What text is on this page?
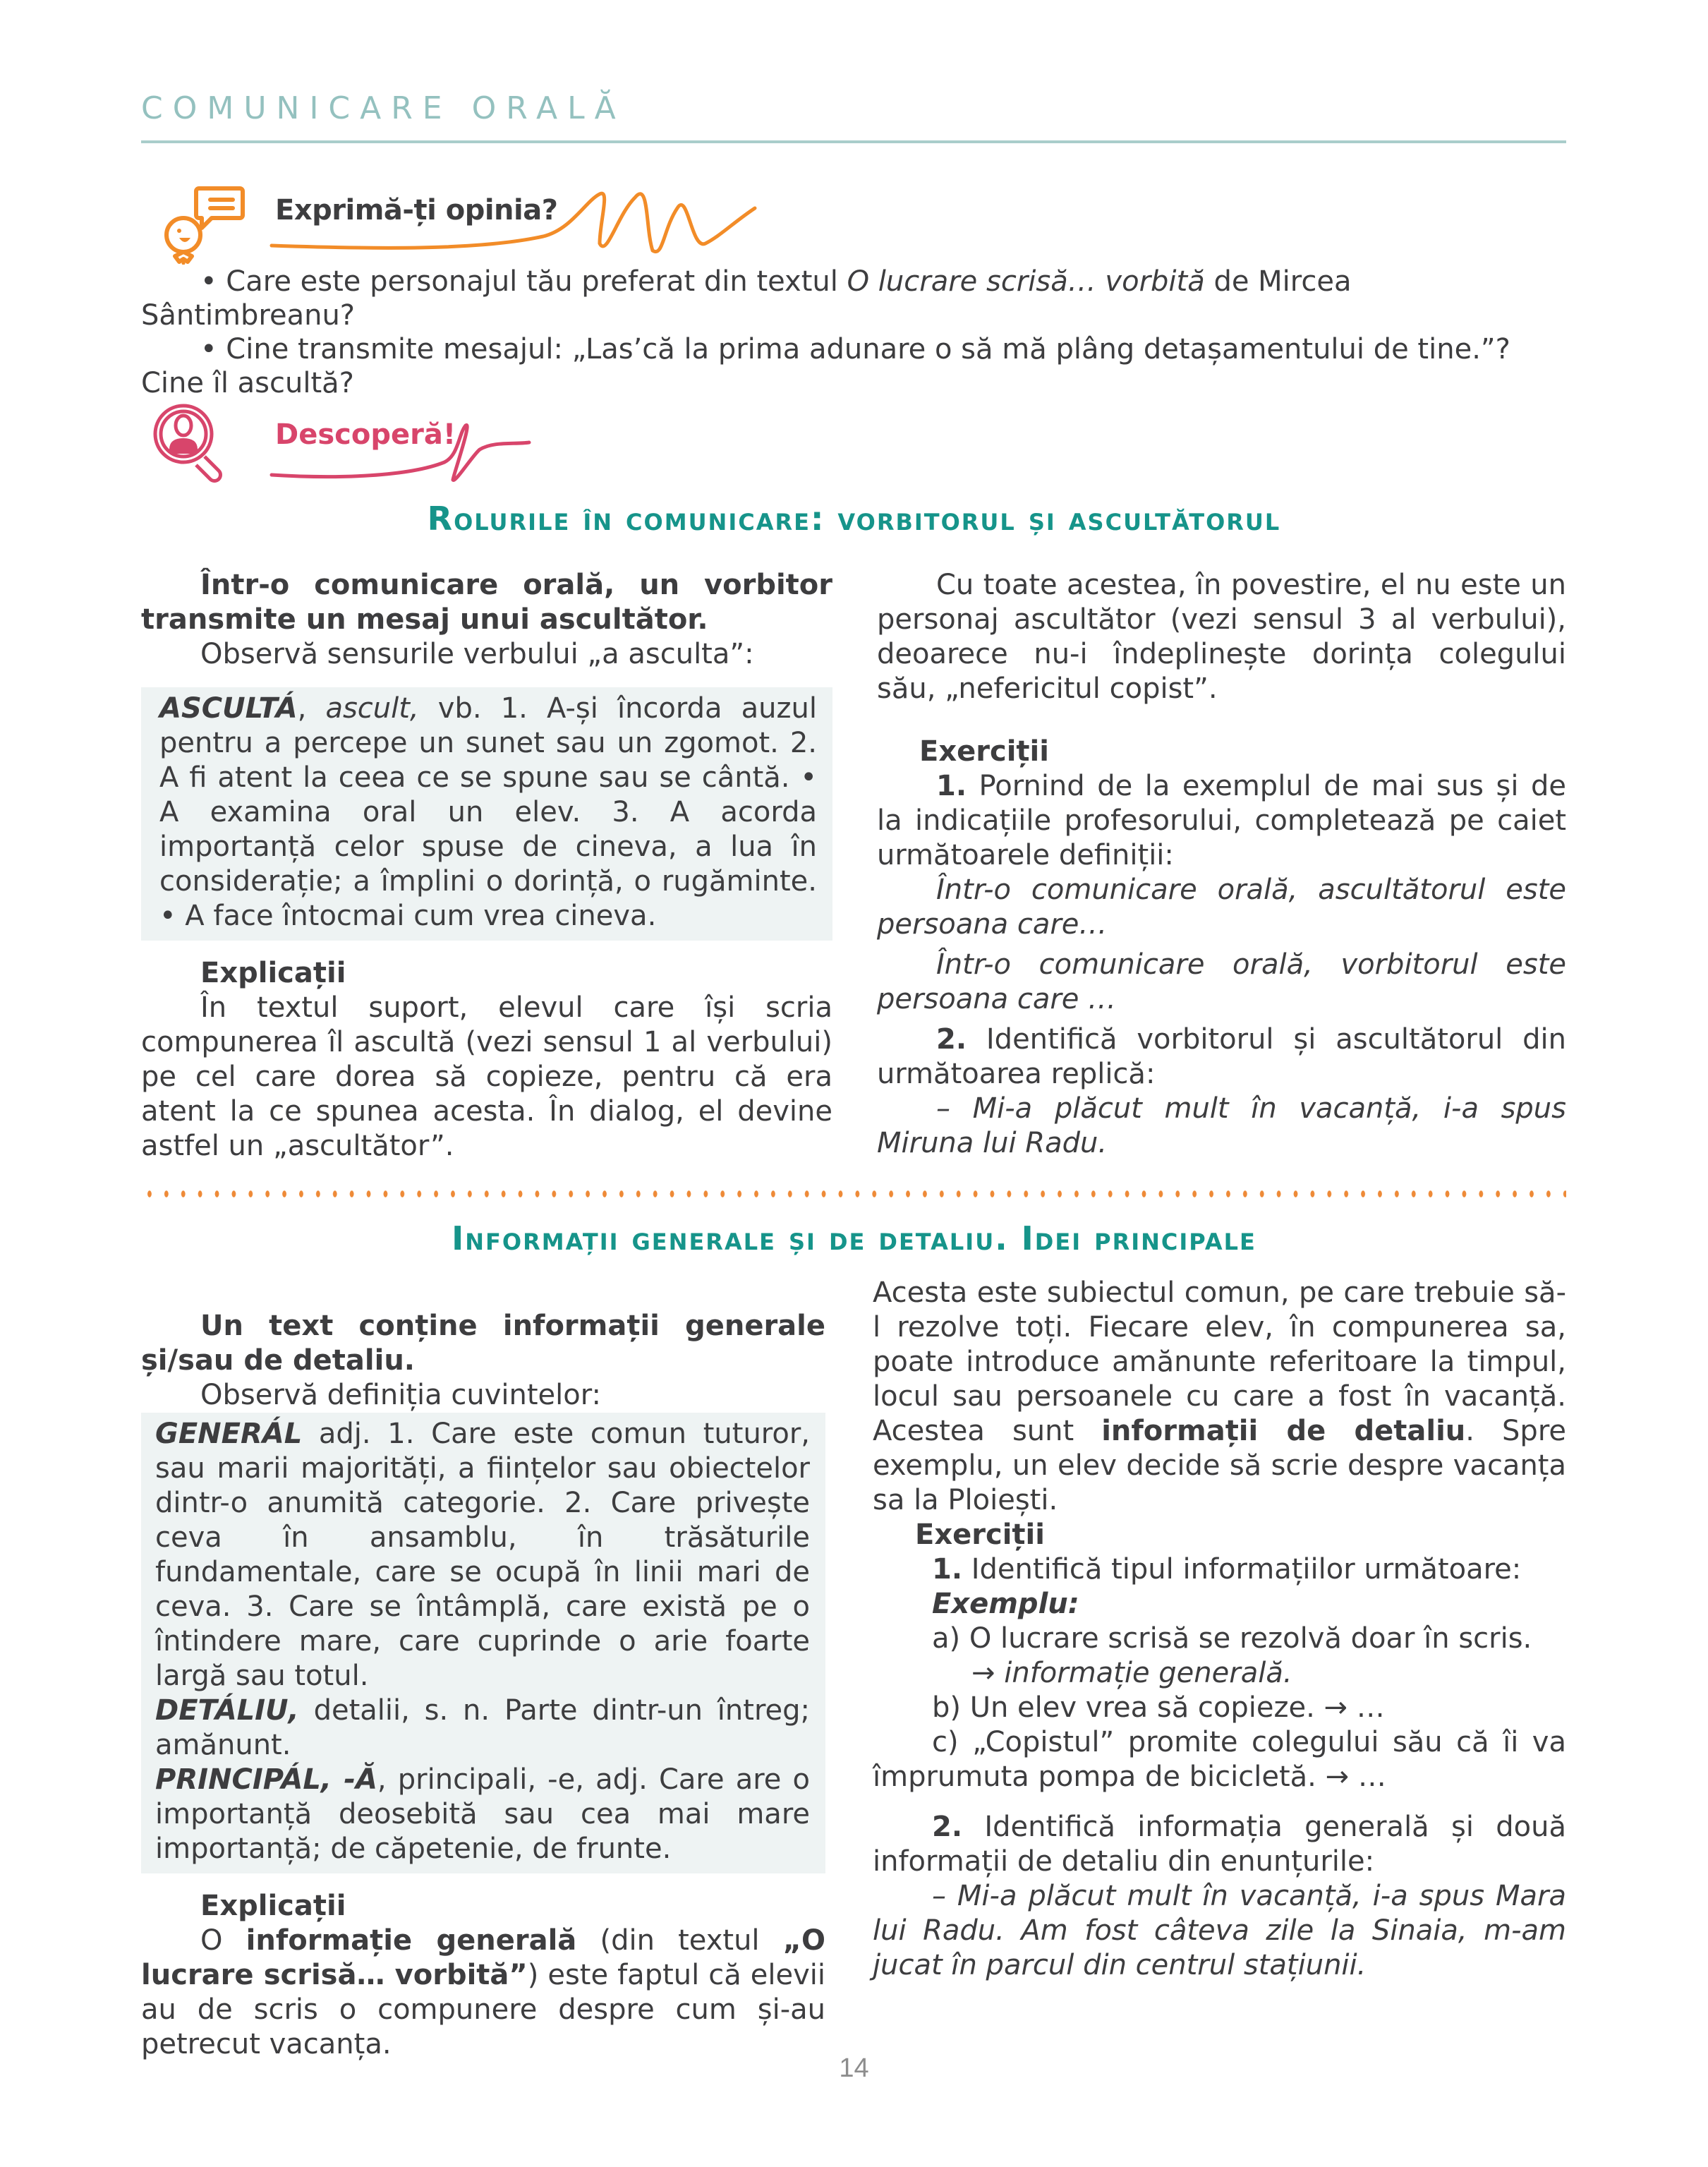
COMUNICARE ORALĂ
Exprimă-ți opinia?

• Care este personajul tău preferat din textul O lucrare scrisă… vorbită de Mircea Sântimbreanu?

• Cine transmite mesajul: „Las’că la prima adunare o să mă plâng detașamentului de tine.”? Cine îl ascultă?

Descoperă!
Rolurile în comunicare: vorbitorul și ascultătorul

Într-o comunicare orală, un vorbitor transmite un mesaj unui ascultător.

Observă sensurile verbului „a asculta”:

ASCULTÁ, ascult, vb. 1. A-și încorda auzul pentru a percepe un sunet sau un zgomot. 2. A fi atent la ceea ce se spune sau se cântă. • A examina oral un elev. 3. A acorda importanță celor spuse de cineva, a lua în considerație; a împlini o dorință, o rugăminte. • A face întocmai cum vrea cineva.

Explicații

În textul suport, elevul care își scria compunerea îl ascultă (vezi sensul 1 al verbului) pe cel care dorea să copieze, pentru că era atent la ce spunea acesta. În dialog, el devine astfel un „ascultător”.

Cu toate acestea, în povestire, el nu este un personaj ascultător (vezi sensul 3 al verbului), deoarece nu-i îndeplinește dorința colegului său, „nefericitul copist”.

Exerciții

1. Pornind de la exemplul de mai sus și de la indicațiile profesorului, completează pe caiet următoarele definiții:

Într-o comunicare orală, ascultătorul este persoana care…

Într-o comunicare orală, vorbitorul este persoana care …

2. Identifică vorbitorul și ascultătorul din următoarea replică:

– Mi-a plăcut mult în vacanță, i-a spus Miruna lui Radu.

Informații generale și de detaliu. Idei principale

Un text conține informații generale și/sau de detaliu.

Observă definiția cuvintelor:

GENERÁL adj. 1. Care este comun tuturor, sau marii majorități, a ființelor sau obiectelor dintr-o anumită categorie. 2. Care privește ceva în ansamblu, în trăsăturile fundamentale, care se ocupă în linii mari de ceva. 3. Care se întâmplă, care există pe o întindere mare, care cuprinde o arie foarte largă sau totul.

DETÁLIU, detalii, s. n. Parte dintr-un întreg; amănunt.

PRINCIPÁL, -Ă, principali, -e, adj. Care are o importanță deosebită sau cea mai mare importanță; de căpetenie, de frunte.

Explicații

O informație generală (din textul „O lucrare scrisă… vorbită”) este faptul că elevii au de scris o compunere despre cum și-au petrecut vacanța.

Acesta este subiectul comun, pe care trebuie să-l rezolve toți. Fiecare elev, în compunerea sa, poate introduce amănunte referitoare la timpul, locul sau persoanele cu care a fost în vacanță. Acestea sunt informații de detaliu. Spre exemplu, un elev decide să scrie despre vacanța sa la Ploiești.

Exerciții

1. Identifică tipul informațiilor următoare:

Exemplu:

a) O lucrare scrisă se rezolvă doar în scris.

→ informație generală.

b) Un elev vrea să copieze. → …

c) „Copistul” promite colegului său că îi va împrumuta pompa de bicicletă. → …

2. Identifică informația generală și două informații de detaliu din enunțurile:

– Mi-a plăcut mult în vacanță, i-a spus Mara lui Radu. Am fost câteva zile la Sinaia, m-am jucat în parcul din centrul stațiunii.

14
